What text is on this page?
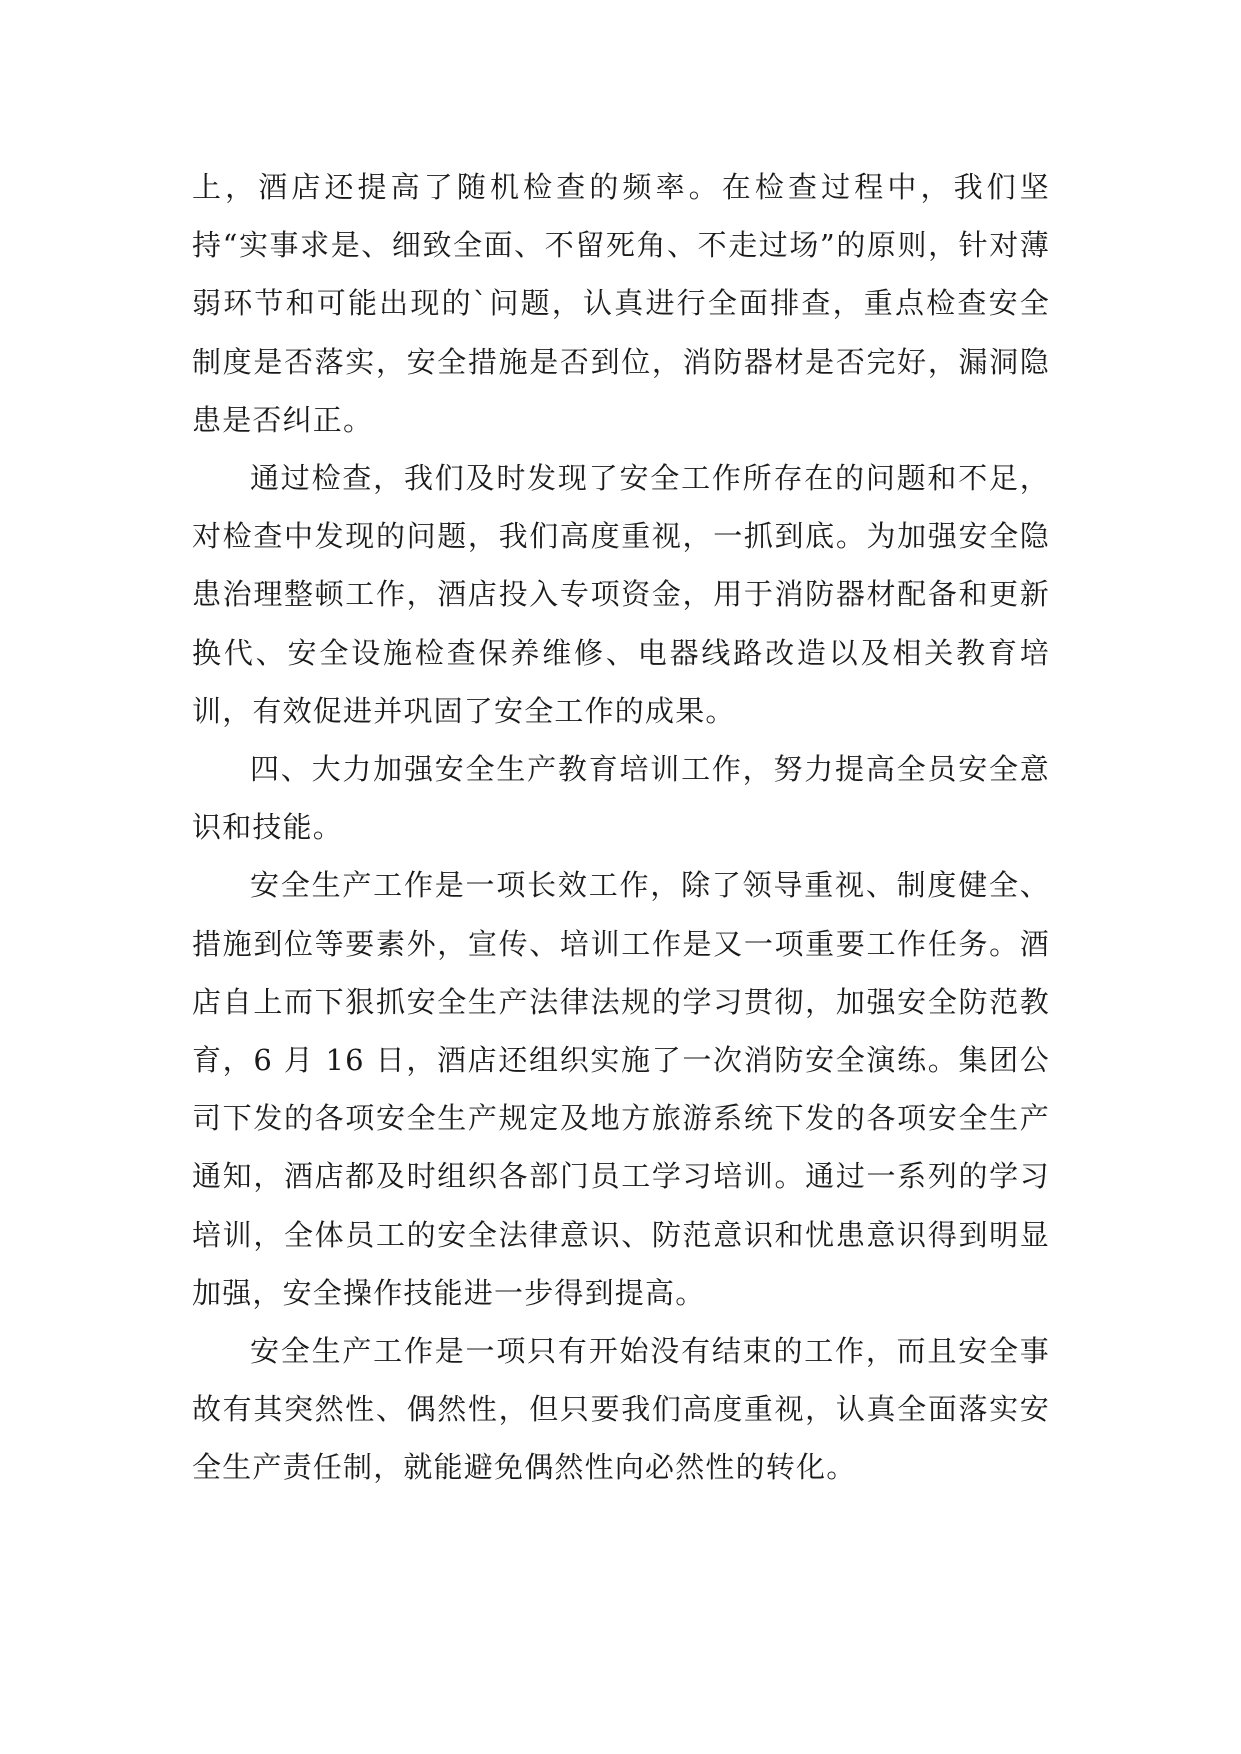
上，酒店还提高了随机检查的频率。在检查过程中，我们坚持“实事求是、细致全面、不留死角、不走过场”的原则，针对薄弱环节和可能出现的`问题，认真进行全面排查，重点检查安全制度是否落实，安全措施是否到位，消防器材是否完好，漏洞隐患是否纠正。

通过检查，我们及时发现了安全工作所存在的问题和不足，对检查中发现的问题，我们高度重视，一抓到底。为加强安全隐患治理整顿工作，酒店投入专项资金，用于消防器材配备和更新换代、安全设施检查保养维修、电器线路改造以及相关教育培训，有效促进并巩固了安全工作的成果。

四、大力加强安全生产教育培训工作，努力提高全员安全意识和技能。

安全生产工作是一项长效工作，除了领导重视、制度健全、措施到位等要素外，宣传、培训工作是又一项重要工作任务。酒店自上而下狠抓安全生产法律法规的学习贯彻，加强安全防范教育，6 月 16 日，酒店还组织实施了一次消防安全演练。集团公司下发的各项安全生产规定及地方旅游系统下发的各项安全生产通知，酒店都及时组织各部门员工学习培训。通过一系列的学习培训，全体员工的安全法律意识、防范意识和忧患意识得到明显加强，安全操作技能进一步得到提高。

安全生产工作是一项只有开始没有结束的工作，而且安全事故有其突然性、偶然性，但只要我们高度重视，认真全面落实安全生产责任制，就能避免偶然性向必然性的转化。
